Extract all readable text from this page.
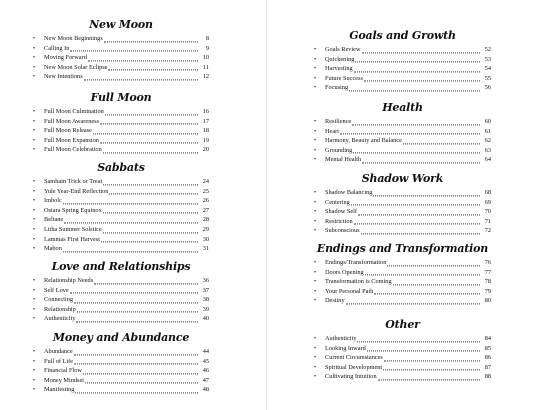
New Moon
•	New Moon Beginnings	8
•	Calling In	9
•	Moving Forward	10
•	New Moon Solar Eclipse	11
•	New Intentions	12
Full Moon
•	Full Moon Culmination	16
•	Full Moon Awareness	17
•	Full Moon Release	18
•	Full Moon Expansion	19
•	Full Moon Celebration	20
Sabbats
•	Samhain Trick or Treat	24
•	Yule Year-End Reflection	25
•	Imbolc	26
•	Ostara Spring Equinox	27
•	Beltane	28
•	Litha Summer Solstice	29
•	Lammas First Harvest	30
•	Mabon	31
Love and Relationships
•	Relationship Needs	36
•	Self Love	37
•	Connecting	38
•	Relationship	39
•	Authenticity	40
Money and Abundance
•	Abundance	44
•	Full of Life	45
•	Financial Flow	46
•	Money Mindset	47
•	Manifesting	48
Goals and Growth
•	Goals Review	52
•	Quickening	53
•	Harvesting	54
•	Future Success	55
•	Focusing	56
Health
•	Resilience	60
•	Heart	61
•	Harmony, Beauty and Balance	62
•	Grounding	63
•	Mental Health	64
Shadow Work
•	Shadow Balancing	68
•	Centering	69
•	Shadow Self	70
•	Restriction	71
•	Subconscious	72
Endings and Transformation
•	Endings/Transformation	76
•	Doors Opening	77
•	Transformation is Coming	78
•	Your Personal Path	79
•	Destiny	80
Other
•	Authenticity	84
•	Looking Inward	85
•	Current Circumstances	86
•	Spiritual Development	87
•	Cultivating Intuition	88
